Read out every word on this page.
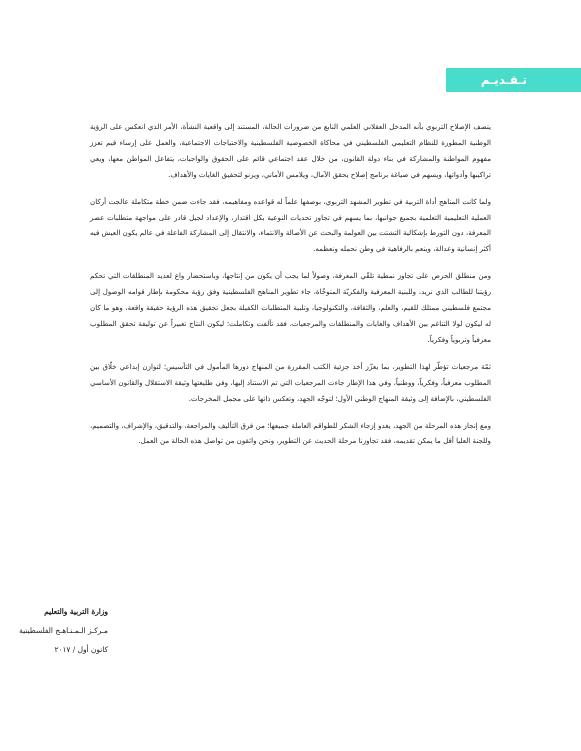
تـقـديـم

يتصف الإصلاح التربوي بأنه المدخل العقلاني العلمي النابع من ضرورات الحالة، المستند إلى واقعية النشأة، الأمر الذي انعكس على الرؤية الوطنية المطورة للنظام التعليمي الفلسطيني في محاكاة الخصوصية الفلسطينية والاحتياجات الاجتماعية، والعمل على إرساء قيم تعزز مفهوم المواطنة والمشاركة في بناء دولة القانون، من خلال عقد اجتماعي قائم على الحقوق والواجبات، يتفاعل المواطن معها، ويعي تراكيبها وأدواتها، ويسهم في صياغة برنامج إصلاح يحقق الآمال، ويلامس الأماني، ويرنو لتحقيق الغايات والأهداف.

ولما كانت المناهج أداة التربية في تطوير المشهد التربوي، بوصفها علماً له قواعده ومفاهيمه، فقد جاءت ضمن خطة متكاملة عالجت أركان العملية التعليمية التعلمية بجميع جوانبها، بما يسهم في تجاوز تحديات النوعية بكل اقتدار، والإعداد لجيل قادر على مواجهة متطلبات عصر المعرفة، دون التورط بإشكالية التشتت بين العولمة والبحث عن الأصالة والانتماء، والانتقال إلى المشاركة الفاعلة في عالم يكون العيش فيه أكثر إنسانية وعدالة، وينعم بالرفاهية في وطن نحمله ونعظمه.

ومن منطلق الحرص على تجاوز نمطية تلقّي المعرفة، وصولاً لما يجب أن يكون من إنتاجها، وباستحضار واع لعديد المنطلقات التي تحكم رؤيتنا للطالب الذي نريد، وللبنية المعرفية والفكريّة المتوخّاة، جاء تطوير المناهج الفلسطينية وفق رؤية محكومة بإطار قوامه الوصول إلى مجتمع فلسطيني ممتلك للقيم، والعلم، والثقافة، والتكنولوجيا، وتلبية المتطلبات الكفيلة بجعل تحقيق هذه الرؤية حقيقة واقعة، وهو ما كان له ليكون لولا التناغم بين الأهداف والغايات والمنطلقات والمرجعيات، فقد تآلفت وتكاملت؛ ليكون النتاج تعبيراً عن توليفة تحقق المطلوب معرفياً وتربوياً وفكرياً.

ثمّة مرجعيات تؤطّر لهذا التطوير، بما يعزّز أخذ جزئية الكتب المقررة من المنهاج دورها المأمول في التأسيس؛ لتوازن إبداعي خلّاق بين المطلوب معرفياً، وفكرياً، ووطنياً، وفي هذا الإطار جاءت المرجعيات التي تم الاستناد إليها، وفي طليعتها وثيقة الاستقلال والقانون الأساسي الفلسطيني، بالإضافة إلى وثيقة المنهاج الوطني الأول؛ لتوجّه الجهد، وتعكس ذاتها على مجمل المخرجات.

ومع إنجاز هذه المرحلة من الجهد، يغدو إزجاء الشكر للطواقم العاملة جميعها؛ من فرق التأليف والمراجعة، والتدقيق، والإشراف، والتصميم، وللجنة العليا أقل ما يمكن تقديمه، فقد تجاوزنا مرحلة الحديث عن التطوير، ونحن واثقون من تواصل هذه الحالة من العمل.

وزارة التربية والتعليم
مـركـز الـمـنـاهـج الفلسطينية
كانون أول / ٢٠١٧
